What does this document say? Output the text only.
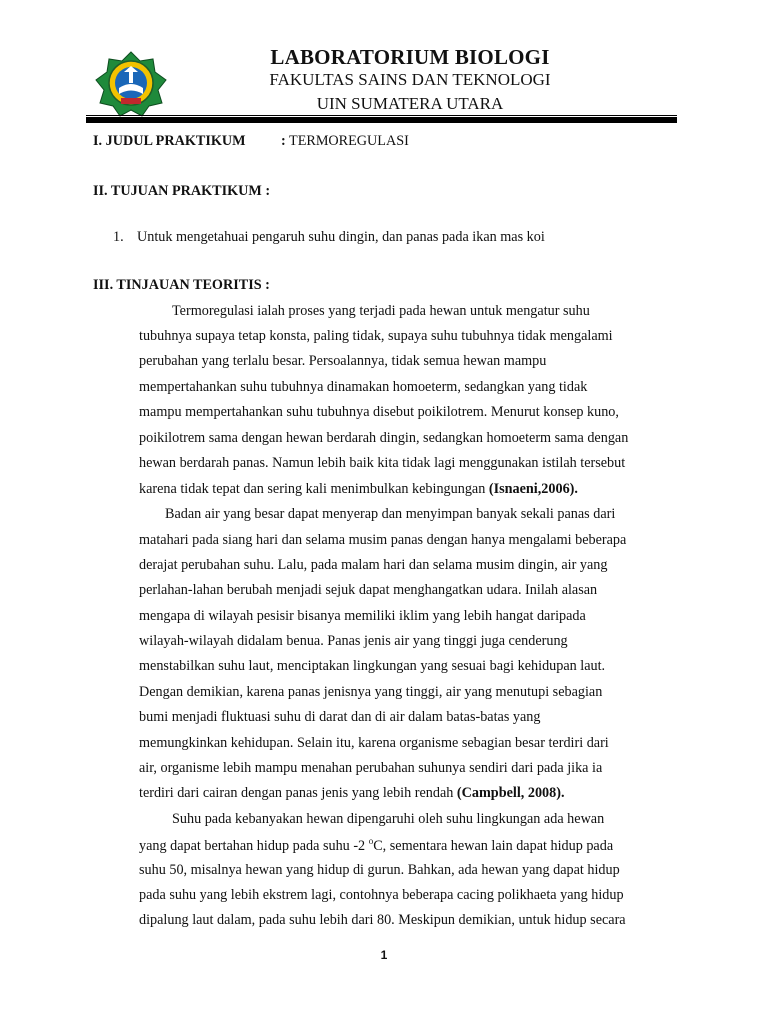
LABORATORIUM BIOLOGI
FAKULTAS SAINS DAN TEKNOLOGI
UIN SUMATERA UTARA
I. JUDUL PRAKTIKUM : TERMOREGULASI
II. TUJUAN PRAKTIKUM :
1. Untuk mengetahuai pengaruh suhu dingin, dan panas pada ikan mas koi
III. TINJAUAN TEORITIS :
Termoregulasi ialah proses yang terjadi pada hewan untuk mengatur suhu
tubuhnya supaya tetap konsta, paling tidak, supaya suhu tubuhnya tidak mengalami
perubahan yang terlalu besar. Persoalannya, tidak semua hewan mampu
mempertahankan suhu tubuhnya dinamakan homoeterm, sedangkan yang tidak
mampu mempertahankan suhu tubuhnya disebut poikilotrem. Menurut konsep kuno,
poikilotrem sama dengan hewan berdarah dingin, sedangkan homoeterm sama dengan
hewan berdarah panas. Namun lebih baik kita tidak lagi menggunakan istilah tersebut
karena tidak tepat dan sering kali menimbulkan kebingungan (Isnaeni,2006).
Badan air yang besar dapat menyerap dan menyimpan banyak sekali panas dari
matahari pada siang hari dan selama musim panas dengan hanya mengalami beberapa
derajat perubahan suhu. Lalu, pada malam hari dan selama musim dingin, air yang
perlahan-lahan berubah menjadi sejuk dapat menghangatkan udara. Inilah alasan
mengapa di wilayah pesisir bisanya memiliki iklim yang lebih hangat daripada
wilayah-wilayah didalam benua. Panas jenis air yang tinggi juga cenderung
menstabilkan suhu laut, menciptakan lingkungan yang sesuai bagi kehidupan laut.
Dengan demikian, karena panas jenisnya yang tinggi, air yang menutupi sebagian
bumi menjadi fluktuasi suhu di darat dan di air dalam batas-batas yang
memungkinkan kehidupan. Selain itu, karena organisme sebagian besar terdiri dari
air, organisme lebih mampu menahan perubahan suhunya sendiri dari pada jika ia
terdiri dari cairan dengan panas jenis yang lebih rendah (Campbell, 2008).
Suhu pada kebanyakan hewan dipengaruhi oleh suhu lingkungan ada hewan
yang dapat bertahan hidup pada suhu -2 $^o$C, sementara hewan lain dapat hidup pada
suhu 50, misalnya hewan yang hidup di gurun. Bahkan, ada hewan yang dapat hidup
pada suhu yang lebih ekstrem lagi, contohnya beberapa cacing polikhaeta yang hidup
dipalung laut dalam, pada suhu lebih dari 80. Meskipun demikian, untuk hidup secara
1
